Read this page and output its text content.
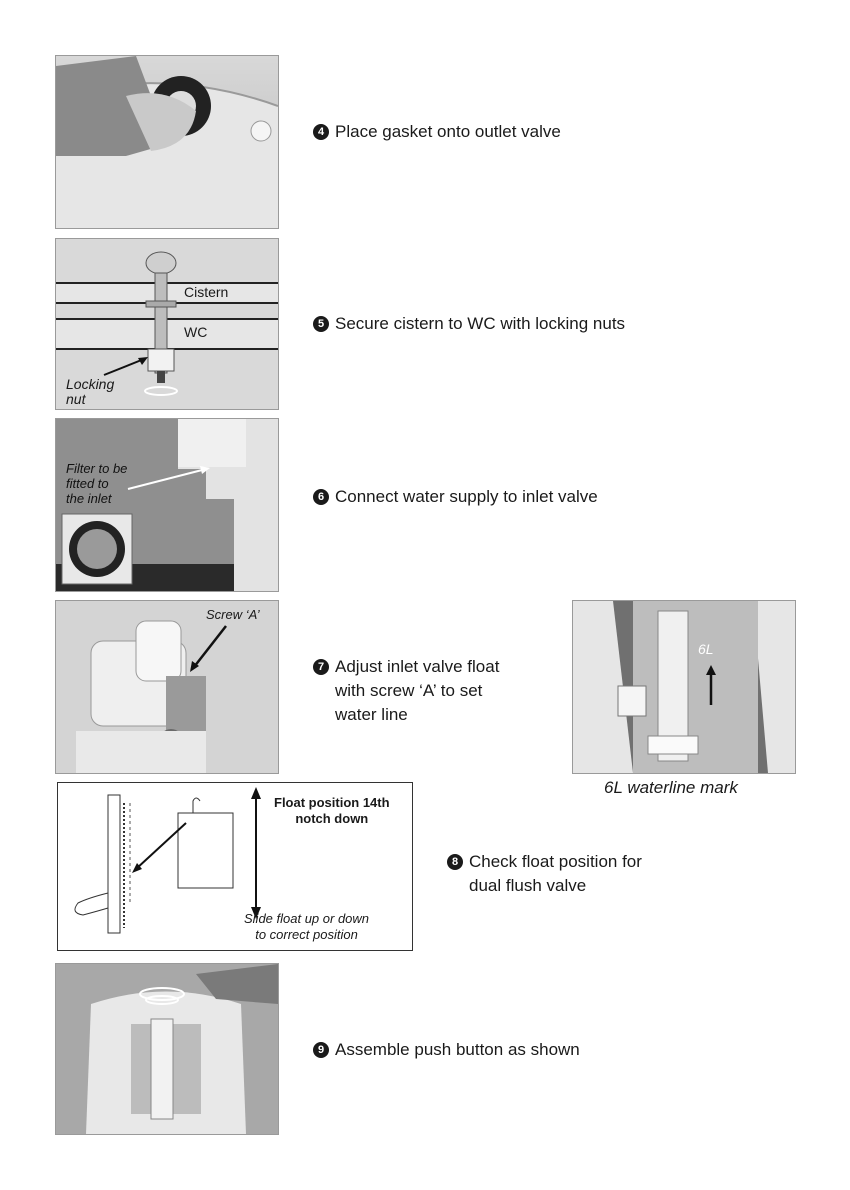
4 Place gasket onto outlet valve
Cistern
WC
Locking
nut
5 Secure cistern to WC with locking nuts
Filter to be
fitted to
the inlet	6 Connect water supply to inlet valve
Screw ‘A’
7 Adjust inlet valve float
with screw ‘A’ to set
water line
6L
6L waterline mark
Float position 14th
notch down
Slide float up or down
to correct position
8 Check float position for
dual flush valve
9 Assemble push button as shown
